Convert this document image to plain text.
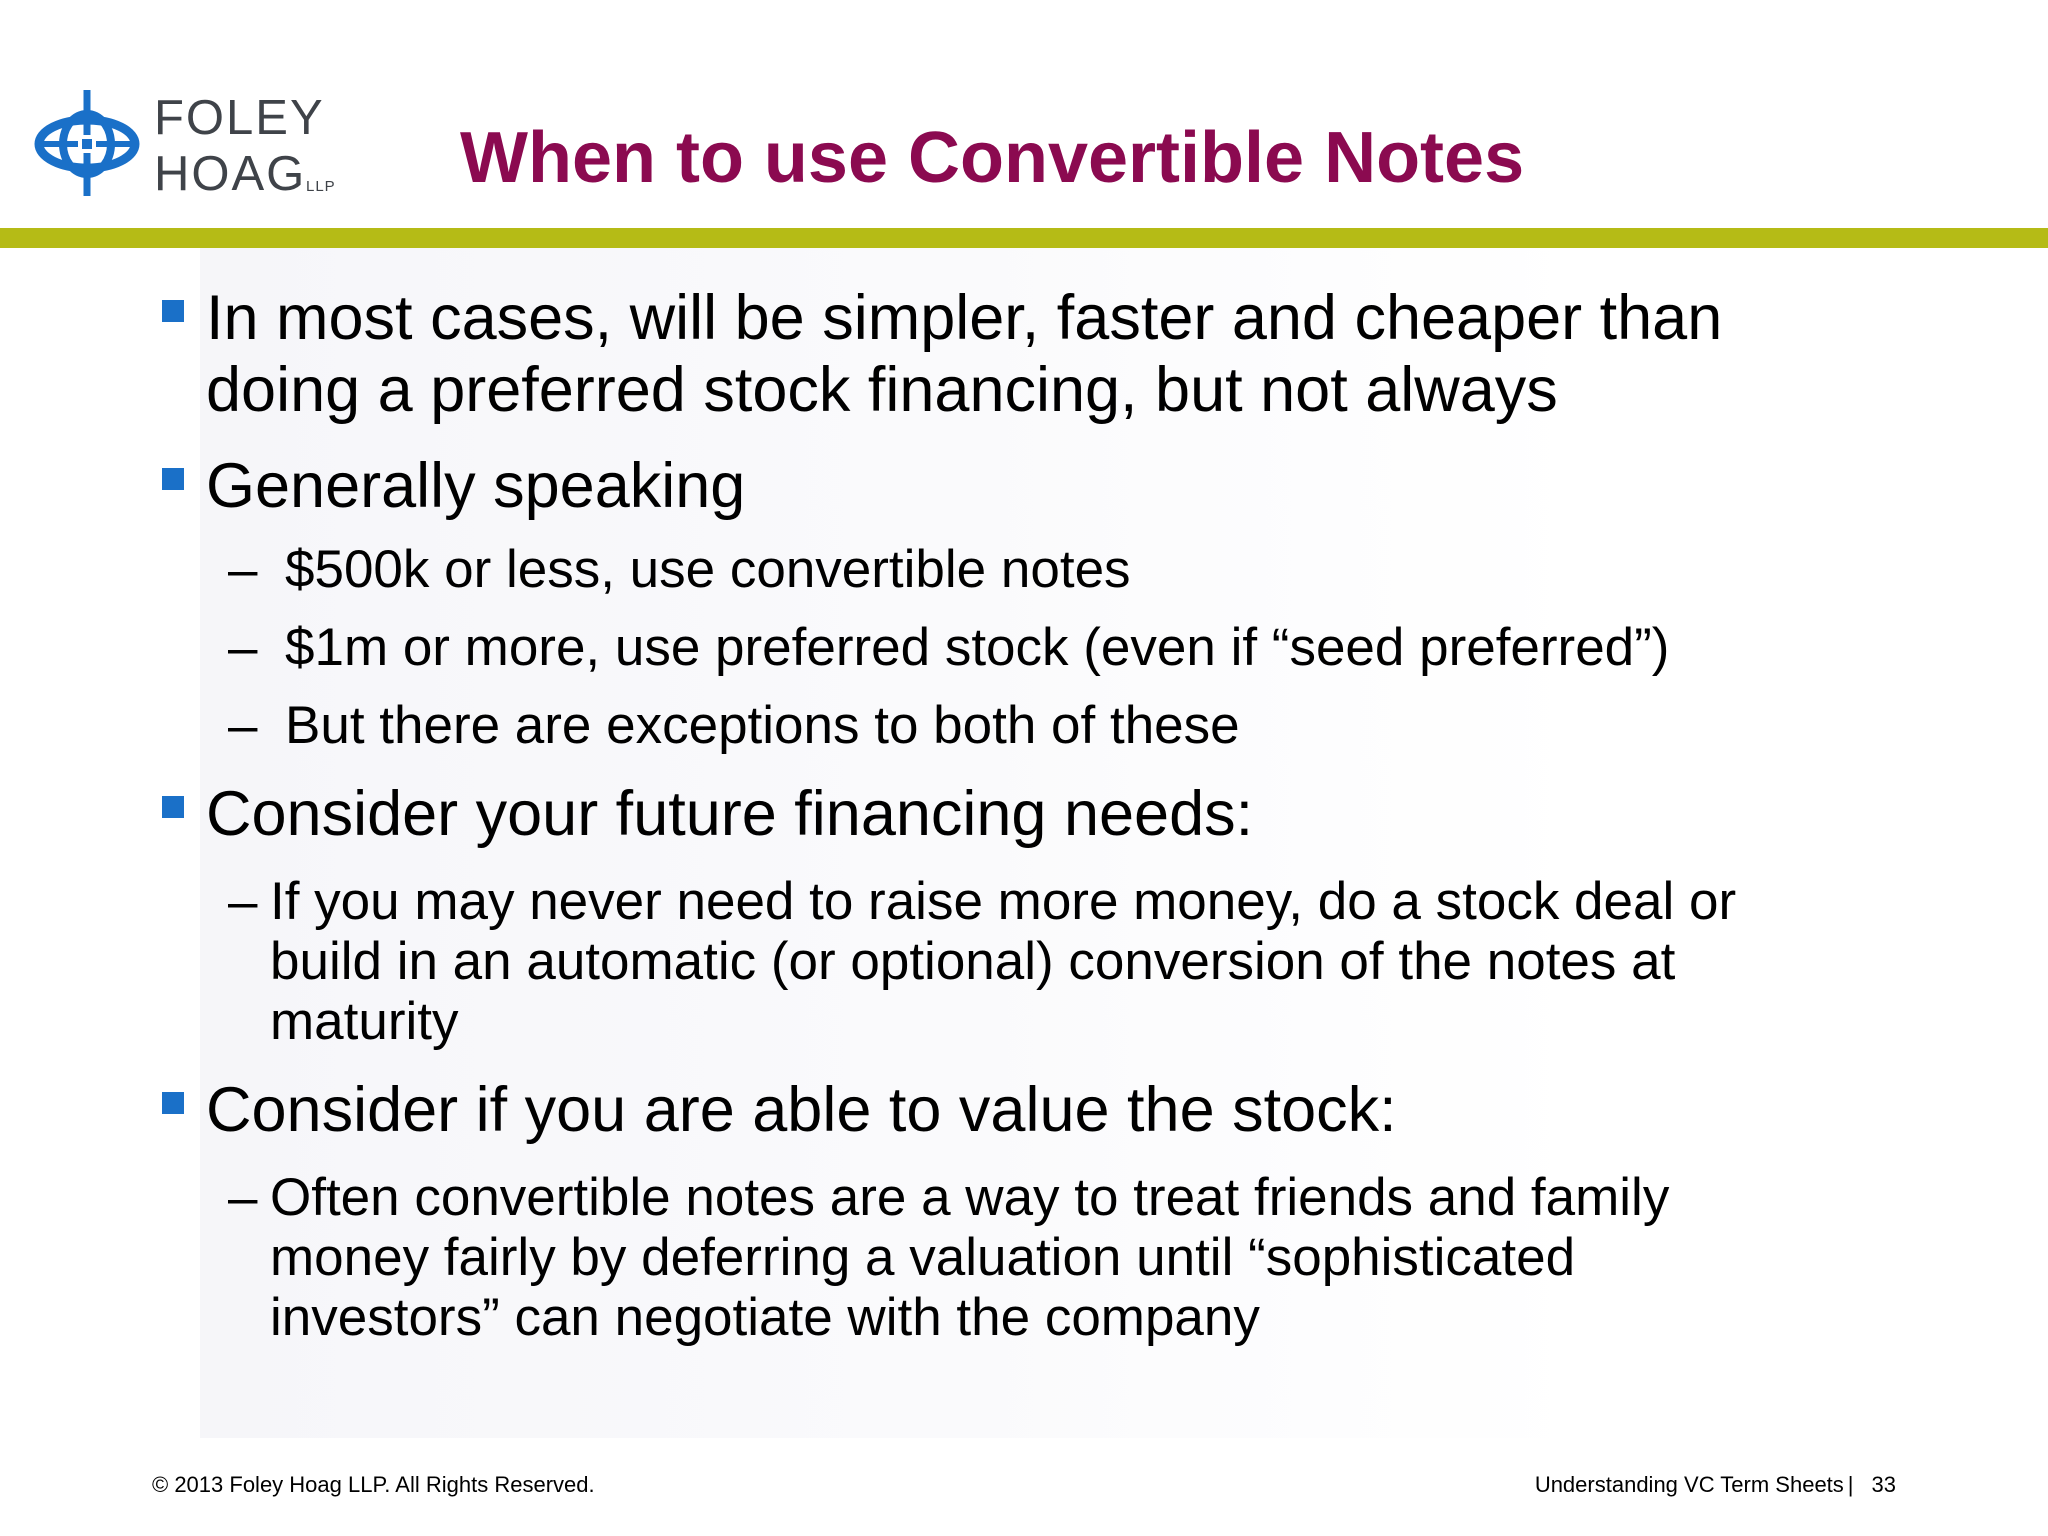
FOLEY
HOAG LLP When to use Convertible Notes
In most cases, will be simpler, faster and cheaper than
doing a preferred stock financing, but not always
Generally speaking
– $500k or less, use convertible notes
– $1m or more, use preferred stock (even if “seed preferred”)
– But there are exceptions to both of these
Consider your future financing needs:
– If you may never need to raise more money, do a stock deal or
build in an automatic (or optional) conversion of the notes at
maturity
Consider if you are able to value the stock:
– Often convertible notes are a way to treat friends and family
money fairly by deferring a valuation until “sophisticated
investors” can negotiate with the company
© 2013 Foley Hoag LLP. All Rights Reserved.	Understanding VC Term Sheets | 33
